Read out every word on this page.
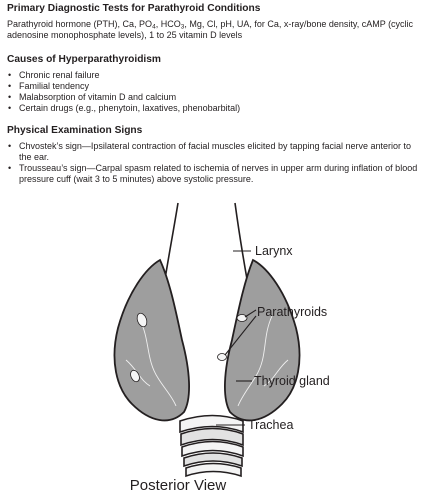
Primary Diagnostic Tests for Parathyroid Conditions

Parathyroid hormone (PTH), Ca, $PO_4$, $HCO_3$, Mg, Cl, pH, UA, for Ca, x-ray/bone density, cAMP (cyclic adenosine monophosphate levels), 1 to 25 vitamin D levels

Causes of Hyperparathyroidism
• Chronic renal failure
• Familial tendency
• Malabsorption of vitamin D and calcium
• Certain drugs (e.g., phenytoin, laxatives, phenobarbital)
Physical Examination Signs
• Chvostek’s sign—Ipsilateral contraction of facial muscles elicited by tapping facial nerve anterior to the ear.
• Trousseau’s sign—Carpal spasm related to ischemia of nerves in upper arm during inflation of blood pressure cuff (wait 3 to 5 minutes) above systolic pressure.
Larynx
Parathyroids
Thyroid gland
Trachea
Posterior View
